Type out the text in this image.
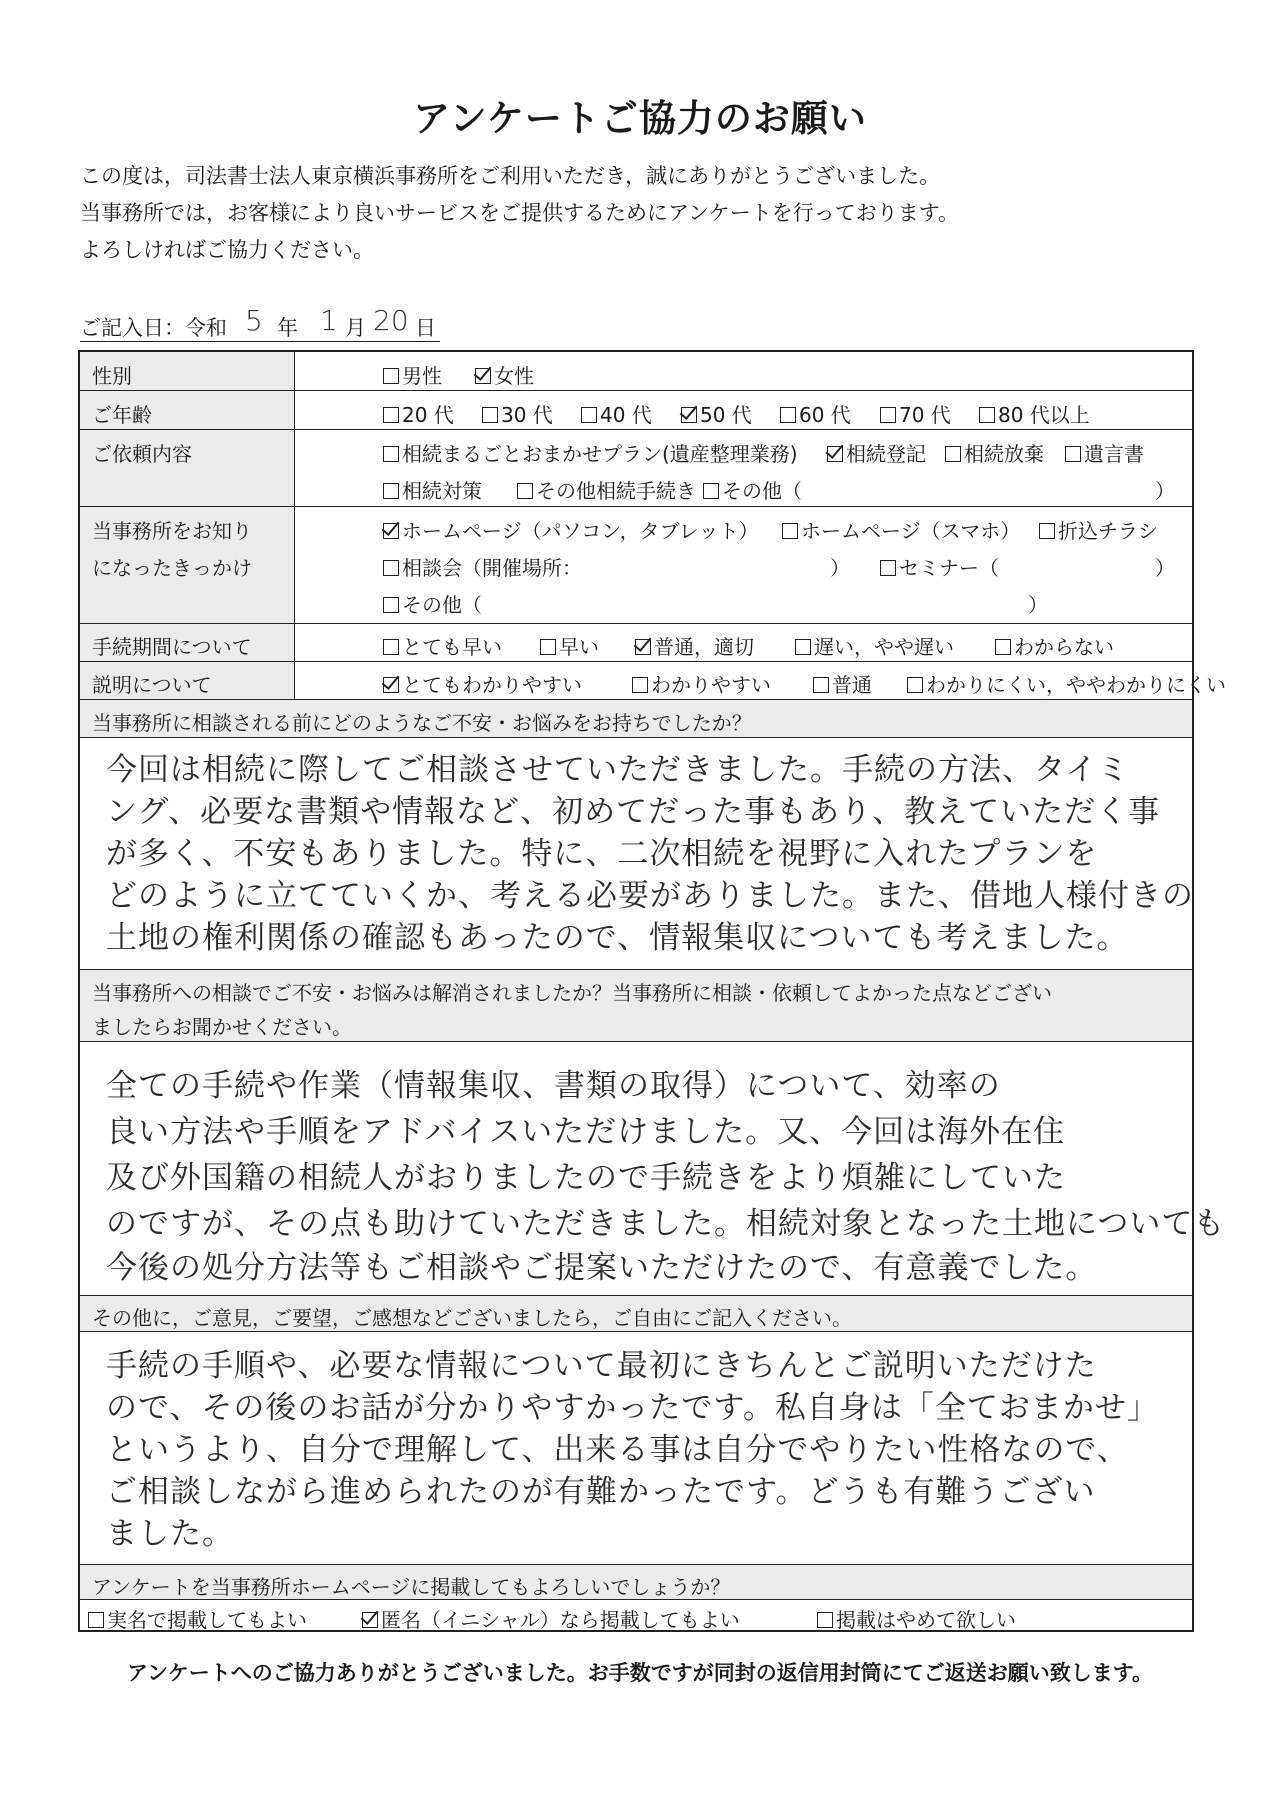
アンケートご協力のお願い
この度は，司法書士法人東京横浜事務所をご利用いただき，誠にありがとうございました。
当事務所では，お客様により良いサービスをご提供するためにアンケートを行っております。
よろしければご協力ください。
ご記入日：令和 5 年 1 月 20 日
性別	男性	女性
ご年齢	20 代	30 代	40 代	50 代	60 代	70 代	80 代以上
ご依頼内容	相続まるごとおまかせプラン(遺産整理業務)	相続登記	相続放棄	遺言書
相続対策	その他相続手続き	その他（	）
当事務所をお知り
になったきっかけ
ホームページ（パソコン，タブレット）	ホームページ（スマホ）	折込チラシ
相談会（開催場所：	）	セミナー（	）
その他（	）
手続期間について	とても早い	早い	普通，適切	遅い，やや遅い	わからない
説明について	とてもわかりやすい	わかりやすい	普通	わかりにくい，ややわかりにくい
当事務所に相談される前にどのようなご不安・お悩みをお持ちでしたか？
今回は相続に際してご相談させていただきました。手続の方法、タイミ
ング、必要な書類や情報など、初めてだった事もあり、教えていただく事
が多く、不安もありました。特に、二次相続を視野に入れたプランを
どのように立てていくか、考える必要がありました。また、借地人様付きの
土地の権利関係の確認もあったので、情報集収についても考えました。
当事務所への相談でご不安・お悩みは解消されましたか？当事務所に相談・依頼してよかった点などござい
ましたらお聞かせください。
全ての手続や作業（情報集収、書類の取得）について、効率の
良い方法や手順をアドバイスいただけました。又、今回は海外在住
及び外国籍の相続人がおりましたので手続きをより煩雑にしていた
のですが、その点も助けていただきました。相続対象となった土地についても
今後の処分方法等もご相談やご提案いただけたので、有意義でした。
その他に，ご意見，ご要望，ご感想などございましたら，ご自由にご記入ください。
手続の手順や、必要な情報について最初にきちんとご説明いただけた
ので、その後のお話が分かりやすかったです。私自身は「全ておまかせ」
というより、自分で理解して、出来る事は自分でやりたい性格なので、
ご相談しながら進められたのが有難かったです。どうも有難うござい
ました。
アンケートを当事務所ホームページに掲載してもよろしいでしょうか？
実名で掲載してもよい	匿名（イニシャル）なら掲載してもよい	掲載はやめて欲しい
アンケートへのご協力ありがとうございました。お手数ですが同封の返信用封筒にてご返送お願い致します。
